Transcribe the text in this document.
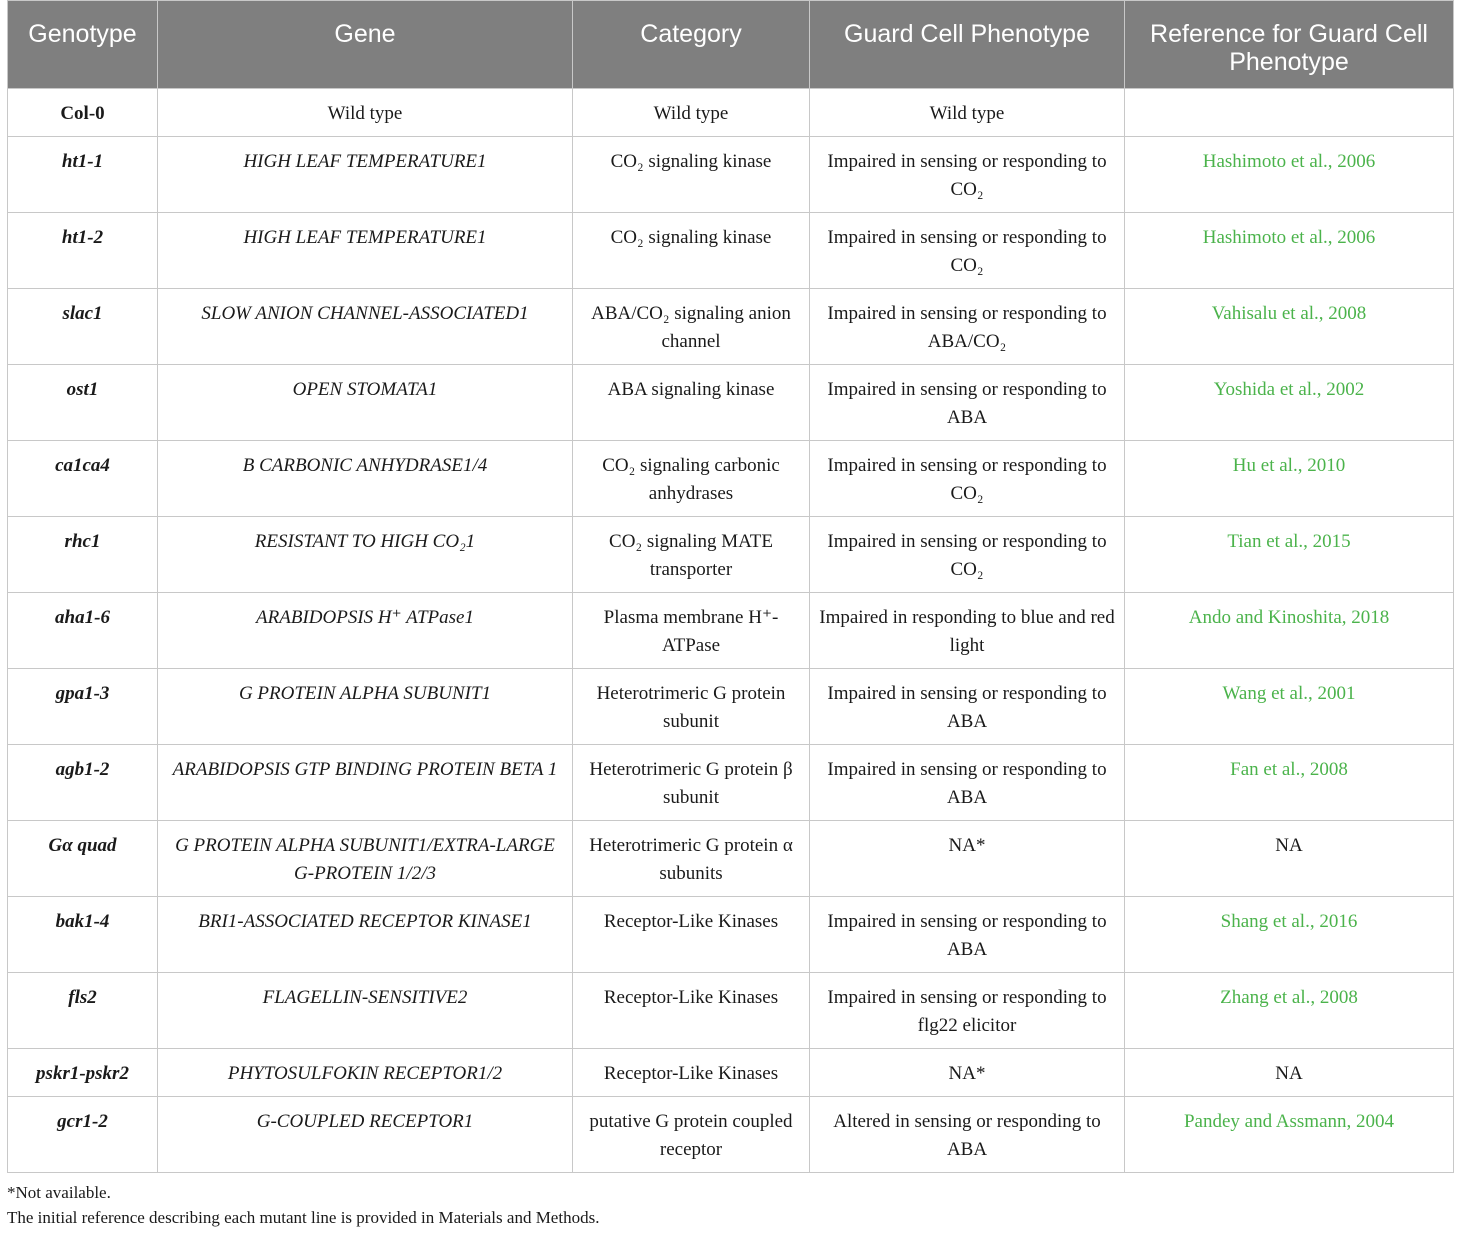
Genotype	Gene	Category	Guard Cell Phenotype	Reference for Guard Cell Phenotype
Col-0	Wild type	Wild type	Wild type	
ht1-1	HIGH LEAF TEMPERATURE1	CO₂ signaling kinase	Impaired in sensing or responding to CO₂	Hashimoto et al., 2006
ht1-2	HIGH LEAF TEMPERATURE1	CO₂ signaling kinase	Impaired in sensing or responding to CO₂	Hashimoto et al., 2006
slac1	SLOW ANION CHANNEL-ASSOCIATED1	ABA/CO₂ signaling anion channel	Impaired in sensing or responding to ABA/CO₂	Vahisalu et al., 2008
ost1	OPEN STOMATA1	ABA signaling kinase	Impaired in sensing or responding to ABA	Yoshida et al., 2002
ca1ca4	B CARBONIC ANHYDRASE1/4	CO₂ signaling carbonic anhydrases	Impaired in sensing or responding to CO₂	Hu et al., 2010
rhc1	RESISTANT TO HIGH CO₂1	CO₂ signaling MATE transporter	Impaired in sensing or responding to CO₂	Tian et al., 2015
aha1-6	ARABIDOPSIS H⁺ ATPase1	Plasma membrane H⁺-ATPase	Impaired in responding to blue and red light	Ando and Kinoshita, 2018
gpa1-3	G PROTEIN ALPHA SUBUNIT1	Heterotrimeric G protein subunit	Impaired in sensing or responding to ABA	Wang et al., 2001
agb1-2	ARABIDOPSIS GTP BINDING PROTEIN BETA 1	Heterotrimeric G protein β subunit	Impaired in sensing or responding to ABA	Fan et al., 2008
Gα quad	G PROTEIN ALPHA SUBUNIT1/EXTRA-LARGE G-PROTEIN 1/2/3	Heterotrimeric G protein α subunits	NA*	NA
bak1-4	BRI1-ASSOCIATED RECEPTOR KINASE1	Receptor-Like Kinases	Impaired in sensing or responding to ABA	Shang et al., 2016
fls2	FLAGELLIN-SENSITIVE2	Receptor-Like Kinases	Impaired in sensing or responding to flg22 elicitor	Zhang et al., 2008
pskr1-pskr2	PHYTOSULFOKIN RECEPTOR1/2	Receptor-Like Kinases	NA*	NA
gcr1-2	G-COUPLED RECEPTOR1	putative G protein coupled receptor	Altered in sensing or responding to ABA	Pandey and Assmann, 2004
*Not available.
The initial reference describing each mutant line is provided in Materials and Methods.
